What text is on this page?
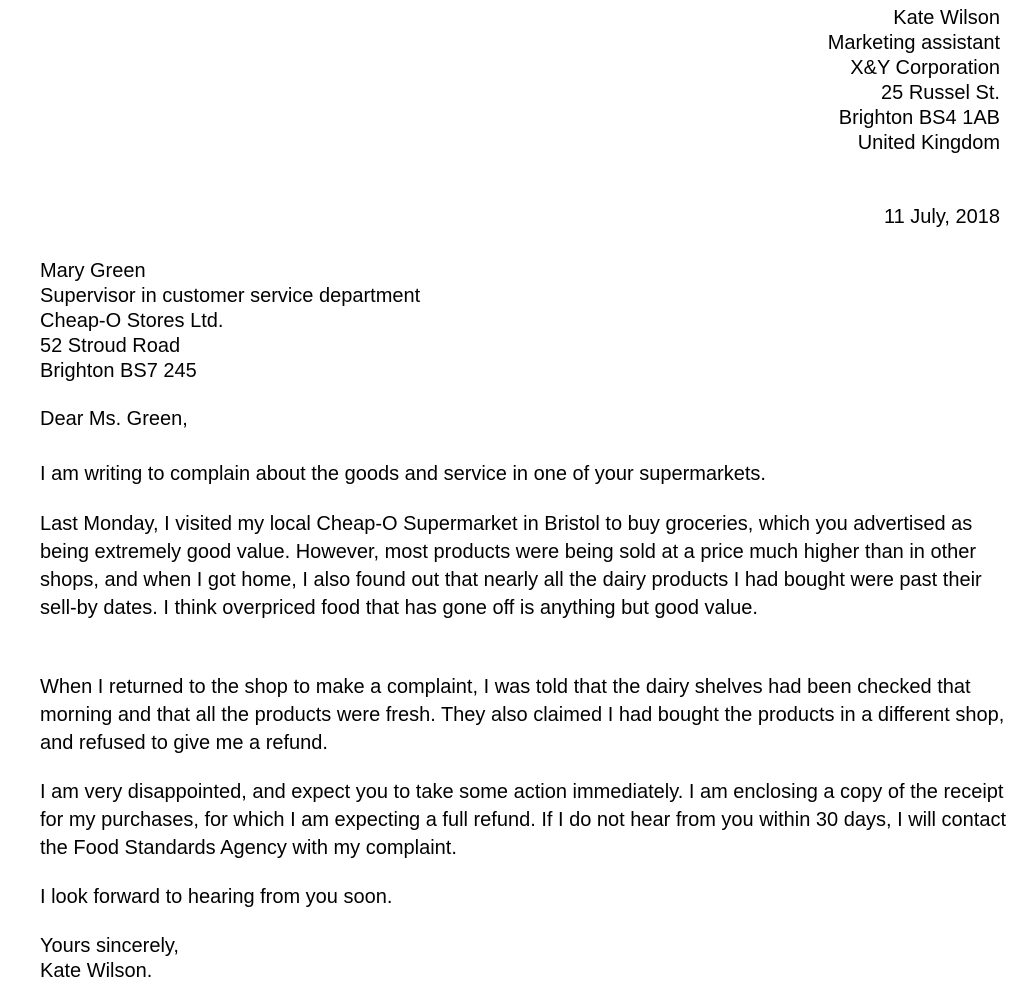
Kate Wilson
Marketing assistant
X&Y Corporation
25 Russel St.
Brighton BS4 1AB
United Kingdom
11 July, 2018
Mary Green
Supervisor in customer service department
Cheap-O Stores Ltd.
52 Stroud Road
Brighton BS7 245
Dear Ms. Green,

I am writing to complain about the goods and service in one of your supermarkets.

Last Monday, I visited my local Cheap-O Supermarket in Bristol to buy groceries, which you advertised as being extremely good value. However, most products were being sold at a price much higher than in other shops, and when I got home, I also found out that nearly all the dairy products I had bought were past their sell-by dates. I think overpriced food that has gone off is anything but good value.

When I returned to the shop to make a complaint, I was told that the dairy shelves had been checked that morning and that all the products were fresh. They also claimed I had bought the products in a different shop, and refused to give me a refund.

I am very disappointed, and expect you to take some action immediately. I am enclosing a copy of the receipt for my purchases, for which I am expecting a full refund. If I do not hear from you within 30 days, I will contact the Food Standards Agency with my complaint.

I look forward to hearing from you soon.

Yours sincerely,
Kate Wilson.
